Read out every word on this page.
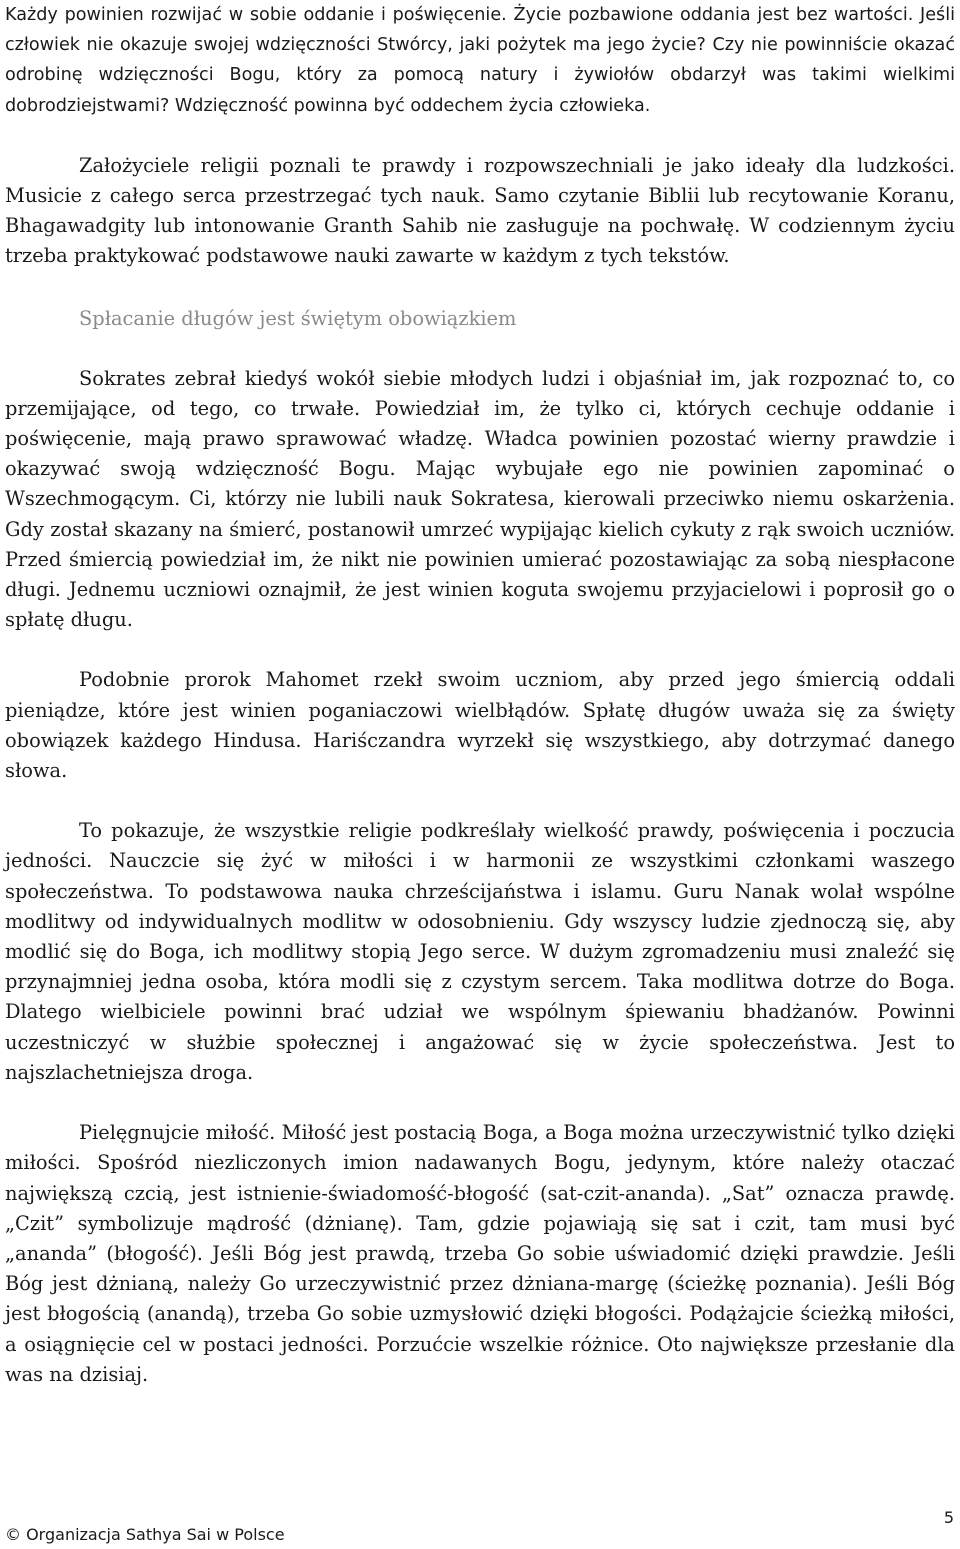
Każdy powinien rozwijać w sobie oddanie i poświęcenie. Życie pozbawione oddania jest bez wartości. Jeśli człowiek nie okazuje swojej wdzięczności Stwórcy, jaki pożytek ma jego życie? Czy nie powinniście okazać odrobinę wdzięczności Bogu, który za pomocą natury i żywiołów obdarzył was takimi wielkimi dobrodziejstwami? Wdzięczność powinna być oddechem życia człowieka.

Założyciele religii poznali te prawdy i rozpowszechniali je jako ideały dla ludzkości. Musicie z całego serca przestrzegać tych nauk. Samo czytanie Biblii lub recytowanie Koranu, Bhagawadgity lub intonowanie Granth Sahib nie zasługuje na pochwałę. W codziennym życiu trzeba praktykować podstawowe nauki zawarte w każdym z tych tekstów.

Spłacanie długów jest świętym obowiązkiem

Sokrates zebrał kiedyś wokół siebie młodych ludzi i objaśniał im, jak rozpoznać to, co przemijające, od tego, co trwałe. Powiedział im, że tylko ci, których cechuje oddanie i poświęcenie, mają prawo sprawować władzę. Władca powinien pozostać wierny prawdzie i okazywać swoją wdzięczność Bogu. Mając wybujałe ego nie powinien zapominać o Wszechmogącym. Ci, którzy nie lubili nauk Sokratesa, kierowali przeciwko niemu oskarżenia. Gdy został skazany na śmierć, postanowił umrzeć wypijając kielich cykuty z rąk swoich uczniów. Przed śmiercią powiedział im, że nikt nie powinien umierać pozostawiając za sobą niespłacone długi. Jednemu uczniowi oznajmił, że jest winien koguta swojemu przyjacielowi i poprosił go o spłatę długu.

Podobnie prorok Mahomet rzekł swoim uczniom, aby przed jego śmiercią oddali pieniądze, które jest winien poganiaczowi wielbłądów. Spłatę długów uważa się za święty obowiązek każdego Hindusa. Hariśczandra wyrzekł się wszystkiego, aby dotrzymać danego słowa.

To pokazuje, że wszystkie religie podkreślały wielkość prawdy, poświęcenia i poczucia jedności. Nauczcie się żyć w miłości i w harmonii ze wszystkimi członkami waszego społeczeństwa. To podstawowa nauka chrześcijaństwa i islamu. Guru Nanak wolał wspólne modlitwy od indywidualnych modlitw w odosobnieniu. Gdy wszyscy ludzie zjednoczą się, aby modlić się do Boga, ich modlitwy stopią Jego serce. W dużym zgromadzeniu musi znaleźć się przynajmniej jedna osoba, która modli się z czystym sercem. Taka modlitwa dotrze do Boga. Dlatego wielbiciele powinni brać udział we wspólnym śpiewaniu bhadżanów. Powinni uczestniczyć w służbie społecznej i angażować się w życie społeczeństwa. Jest to najszlachetniejsza droga.

Pielęgnujcie miłość. Miłość jest postacią Boga, a Boga można urzeczywistnić tylko dzięki miłości. Spośród niezliczonych imion nadawanych Bogu, jedynym, które należy otaczać największą czcią, jest istnienie-świadomość-błogość (sat-czit-ananda). „Sat” oznacza prawdę. „Czit” symbolizuje mądrość (dżnianę). Tam, gdzie pojawiają się sat i czit, tam musi być „ananda” (błogość). Jeśli Bóg jest prawdą, trzeba Go sobie uświadomić dzięki prawdzie. Jeśli Bóg jest dżnianą, należy Go urzeczywistnić przez dżniana-margę (ścieżkę poznania). Jeśli Bóg jest błogością (anandą), trzeba Go sobie uzmysłowić dzięki błogości. Podążajcie ścieżką miłości, a osiągnięcie cel w postaci jedności. Porzućcie wszelkie różnice. Oto największe przesłanie dla was na dzisiaj.

5
© Organizacja Sathya Sai w Polsce
